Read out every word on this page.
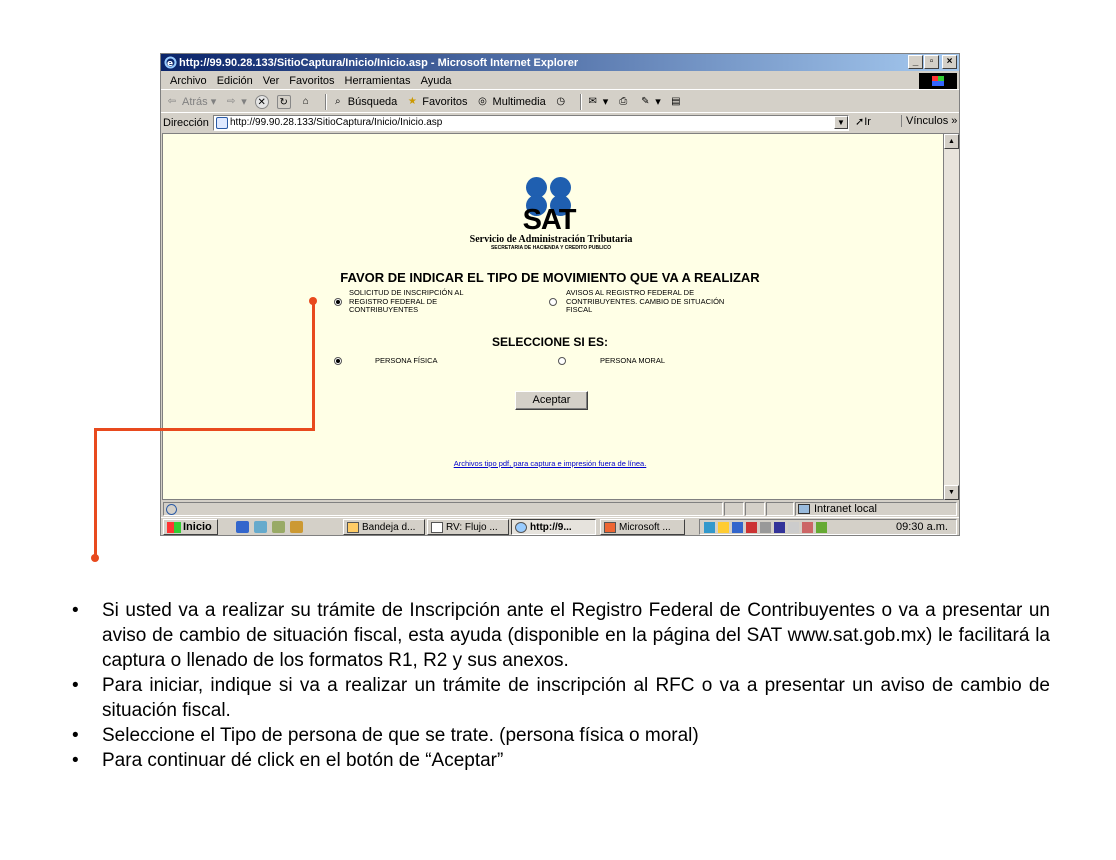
e http://99.90.28.133/SitioCaptura/Inicio/Inicio.asp - Microsoft Internet Explorer	_	▫	×
Archivo Edición Ver Favoritos Herramientas Ayuda
⇦ Atrás ▾ ⇨ ▾ ✕ ↻	⌂	⌕ Búsqueda ★ Favoritos ◎ Multimedia ◷ ✉ ▾	⎙	✎ ▾ ▤
Dirección	http://99.90.28.133/SitioCaptura/Inicio/Inicio.asp	▼ ➚Ir	Vínculos »
▲
▼
Intranet local
Inicio	Bandeja d...	RV: Flujo ...	http://9...	Microsoft ...	09:30 a.m.
SAT
Servicio de Administración Tributaria
SECRETARIA DE HACIENDA Y CREDITO PUBLICO
FAVOR DE INDICAR EL TIPO DE MOVIMIENTO QUE VA A REALIZAR
SOLICITUD DE INSCRIPCIÓN AL
REGISTRO FEDERAL DE
CONTRIBUYENTES
AVISOS AL REGISTRO FEDERAL DE
CONTRIBUYENTES. CAMBIO DE SITUACIÓN
FISCAL
SELECCIONE SI ES:
PERSONA FÍSICA	PERSONA MORAL
Aceptar
Archivos tipo pdf, para captura e impresión fuera de línea.
• Si usted va a realizar su trámite de Inscripción ante el Registro Federal de Contribuyentes o va a presentar un aviso de cambio de situación fiscal, esta ayuda (disponible en la página del SAT www.sat.gob.mx) le facilitará la captura o llenado de los formatos R1, R2 y sus anexos.
• Para iniciar, indique si va a realizar un trámite de inscripción al RFC o va a presentar un aviso de cambio de situación fiscal.
• Seleccione el Tipo de persona de que se trate. (persona física o moral)
• Para continuar dé click en el botón de “Aceptar”
